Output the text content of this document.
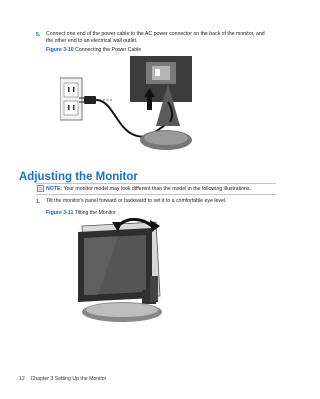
5. Connect one end of the power cable to the AC power connector on the back of the monitor, and
the other end to an electrical wall outlet.
Figure 3-10 Connecting the Power Cable
Adjusting the Monitor
NOTE: Your monitor model may look different than the model in the following illustrations.
1. Tilt the monitor's panel forward or backward to set it to a comfortable eye level.
Figure 3-11 Tilting the Monitor
12 Chapter 3 Setting Up the Monitor
